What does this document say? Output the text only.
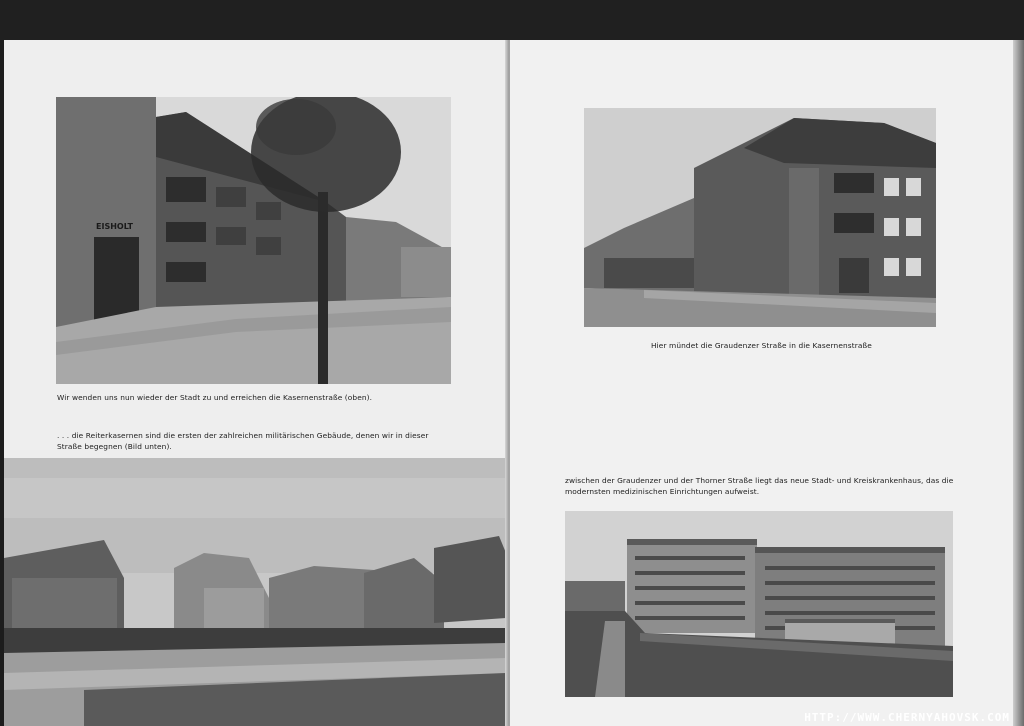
EISHOLT
Wir wenden uns nun wieder der Stadt zu und erreichen die Kasernenstraße (oben).
. . . die Reiterkasernen sind die ersten der zahlreichen militärischen Gebäude, denen wir in dieser Straße begegnen (Bild unten).
Hier mündet die Graudenzer Straße in die Kasernenstraße
zwischen der Graudenzer und der Thorner Straße liegt das neue Stadt- und Kreiskrankenhaus, das die modernsten medizinischen Einrichtungen aufweist.
HTTP://WWW.CHERNYAHOVSK.COM
